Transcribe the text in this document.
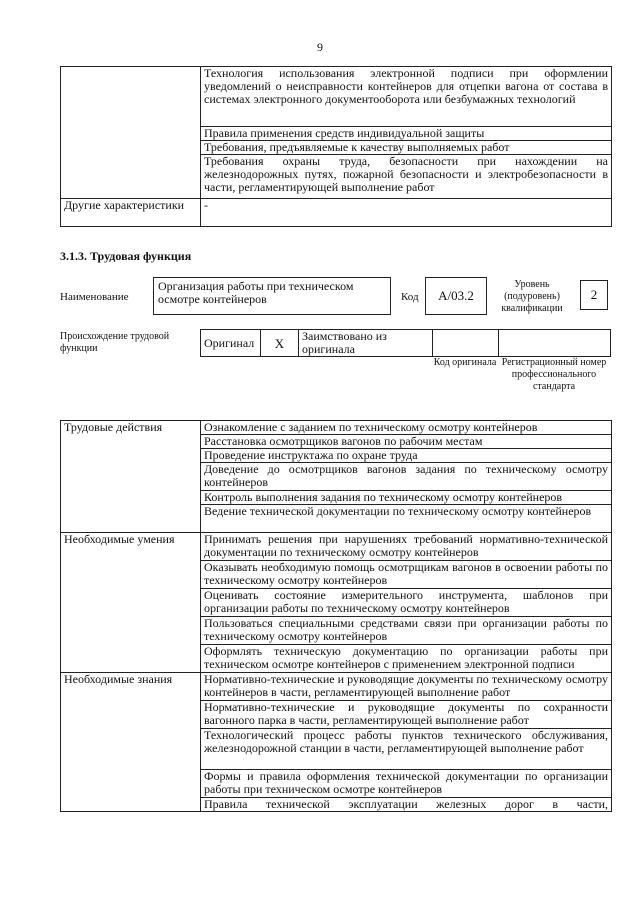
9
	Технология использования электронной подписи при оформлении уведомлений о неисправности контейнеров для отцепки вагона от состава в системах электронного документооборота или безбумажных технологий
	Правила применения средств индивидуальной защиты
	Требования, предъявляемые к качеству выполняемых работ
	Требования охраны труда, безопасности при нахождении на железнодорожных путях, пожарной безопасности и электробезопасности в части, регламентирующей выполнение работ
Другие характеристики	-
3.1.3. Трудовая функция
Наименование
Организация работы при техническом осмотре контейнеров	Код A/03.2
Уровень (подуровень) квалификации
2
Происхождение трудовой функции	Оригинал	X	Заимствовано из оригинала		
Код оригинала Регистрационный номер профессионального стандарта
Трудовые действия	Ознакомление с заданием по техническому осмотру контейнеров
	Расстановка осмотрщиков вагонов по рабочим местам
	Проведение инструктажа по охране труда
	Доведение до осмотрщиков вагонов задания по техническому осмотру контейнеров
	Контроль выполнения задания по техническому осмотру контейнеров
	Ведение технической документации по техническому осмотру контейнеров
Необходимые умения	Принимать решения при нарушениях требований нормативно-технической документации по техническому осмотру контейнеров
	Оказывать необходимую помощь осмотрщикам вагонов в освоении работы по техническому осмотру контейнеров
	Оценивать состояние измерительного инструмента, шаблонов при организации работы по техническому осмотру контейнеров
	Пользоваться специальными средствами связи при организации работы по техническому осмотру контейнеров
	Оформлять техническую документацию по организации работы при техническом осмотре контейнеров с применением электронной подписи
Необходимые знания	Нормативно-технические и руководящие документы по техническому осмотру контейнеров в части, регламентирующей выполнение работ
	Нормативно-технические и руководящие документы по сохранности вагонного парка в части, регламентирующей выполнение работ
	Технологический процесс работы пунктов технического обслуживания, железнодорожной станции в части, регламентирующей выполнение работ
	Формы и правила оформления технической документации по организации работы при техническом осмотре контейнеров
	Правила технической эксплуатации железных дорог в части,
